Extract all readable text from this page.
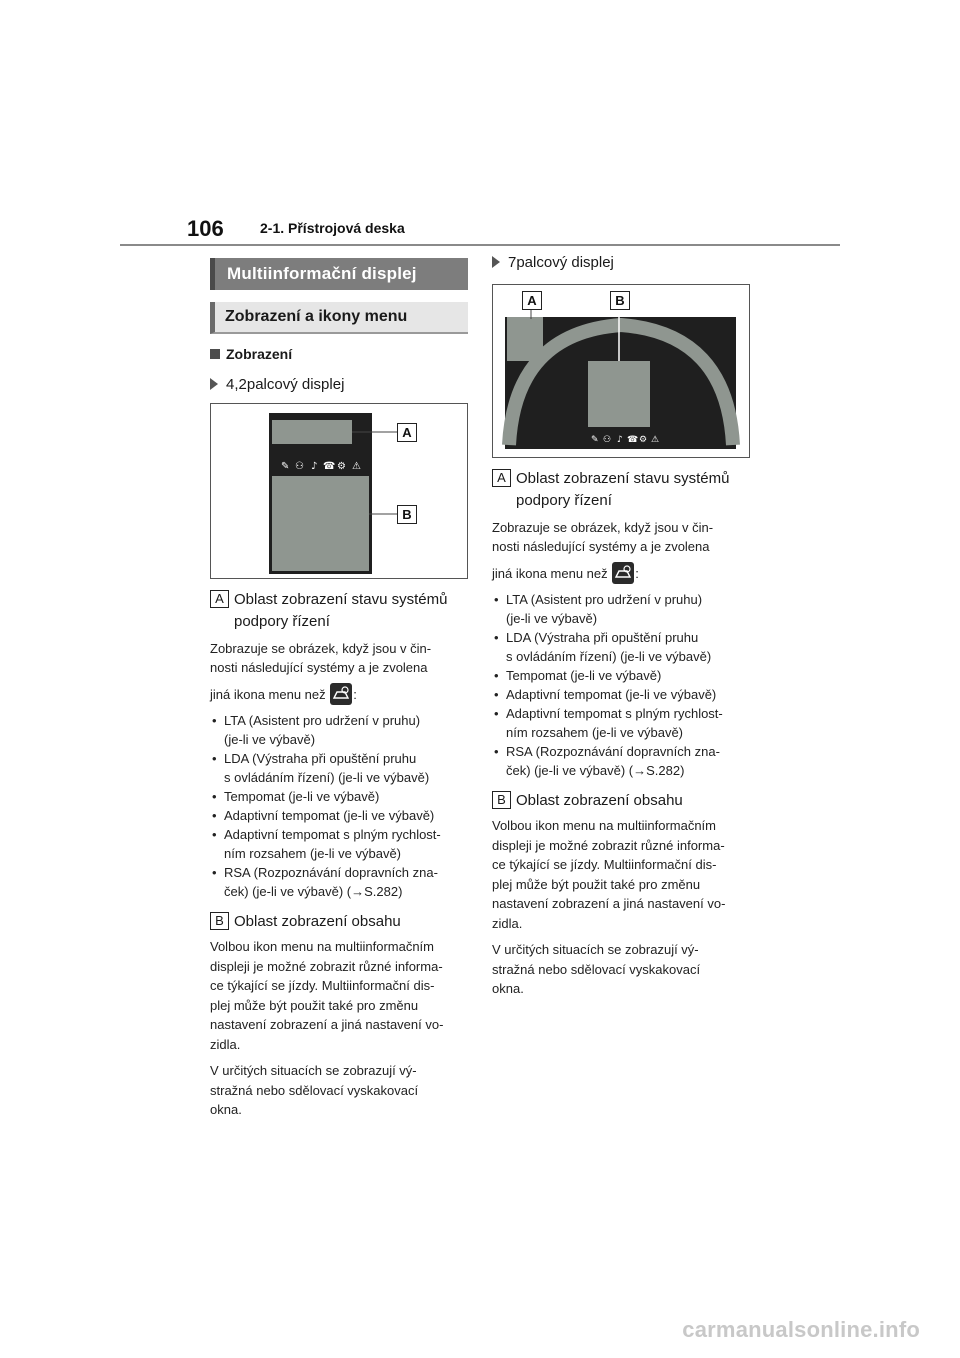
106	2-1. Přístrojová deska
Multiinformační displej
Zobrazení a ikony menu
Zobrazení
4,2palcový displej
✎ ⚇ ♪ ☎ ⚙ ⚠
A
B
A Oblast zobrazení stavu systémů
podpory řízení
Zobrazuje se obrázek, když jsou v čin-
nosti následující systémy a je zvolena
jiná ikona menu než :
• LTA (Asistent pro udržení v pruhu)
(je-li ve výbavě)
• LDA (Výstraha při opuštění pruhu
s ovládáním řízení) (je-li ve výbavě)
• Tempomat (je-li ve výbavě)
• Adaptivní tempomat (je-li ve výbavě)
• Adaptivní tempomat s plným rychlost-
ním rozsahem (je-li ve výbavě)
• RSA (Rozpoznávání dopravních zna-
ček) (je-li ve výbavě) (→S.282)
B Oblast zobrazení obsahu
Volbou ikon menu na multiinformačním
displeji je možné zobrazit různé informa-
ce týkající se jízdy. Multiinformační dis-
plej může být použit také pro změnu
nastavení zobrazení a jiná nastavení vo-
zidla.
V určitých situacích se zobrazují vý-
stražná nebo sdělovací vyskakovací
okna.
7palcový displej
✎ ⚇ ♪ ☎ ⚙ ⚠
A	B
A Oblast zobrazení stavu systémů
podpory řízení
Zobrazuje se obrázek, když jsou v čin-
nosti následující systémy a je zvolena
jiná ikona menu než :
• LTA (Asistent pro udržení v pruhu)
(je-li ve výbavě)
• LDA (Výstraha při opuštění pruhu
s ovládáním řízení) (je-li ve výbavě)
• Tempomat (je-li ve výbavě)
• Adaptivní tempomat (je-li ve výbavě)
• Adaptivní tempomat s plným rychlost-
ním rozsahem (je-li ve výbavě)
• RSA (Rozpoznávání dopravních zna-
ček) (je-li ve výbavě) (→S.282)
B Oblast zobrazení obsahu
Volbou ikon menu na multiinformačním
displeji je možné zobrazit různé informa-
ce týkající se jízdy. Multiinformační dis-
plej může být použit také pro změnu
nastavení zobrazení a jiná nastavení vo-
zidla.
V určitých situacích se zobrazují vý-
stražná nebo sdělovací vyskakovací
okna.
carmanualsonline.info
